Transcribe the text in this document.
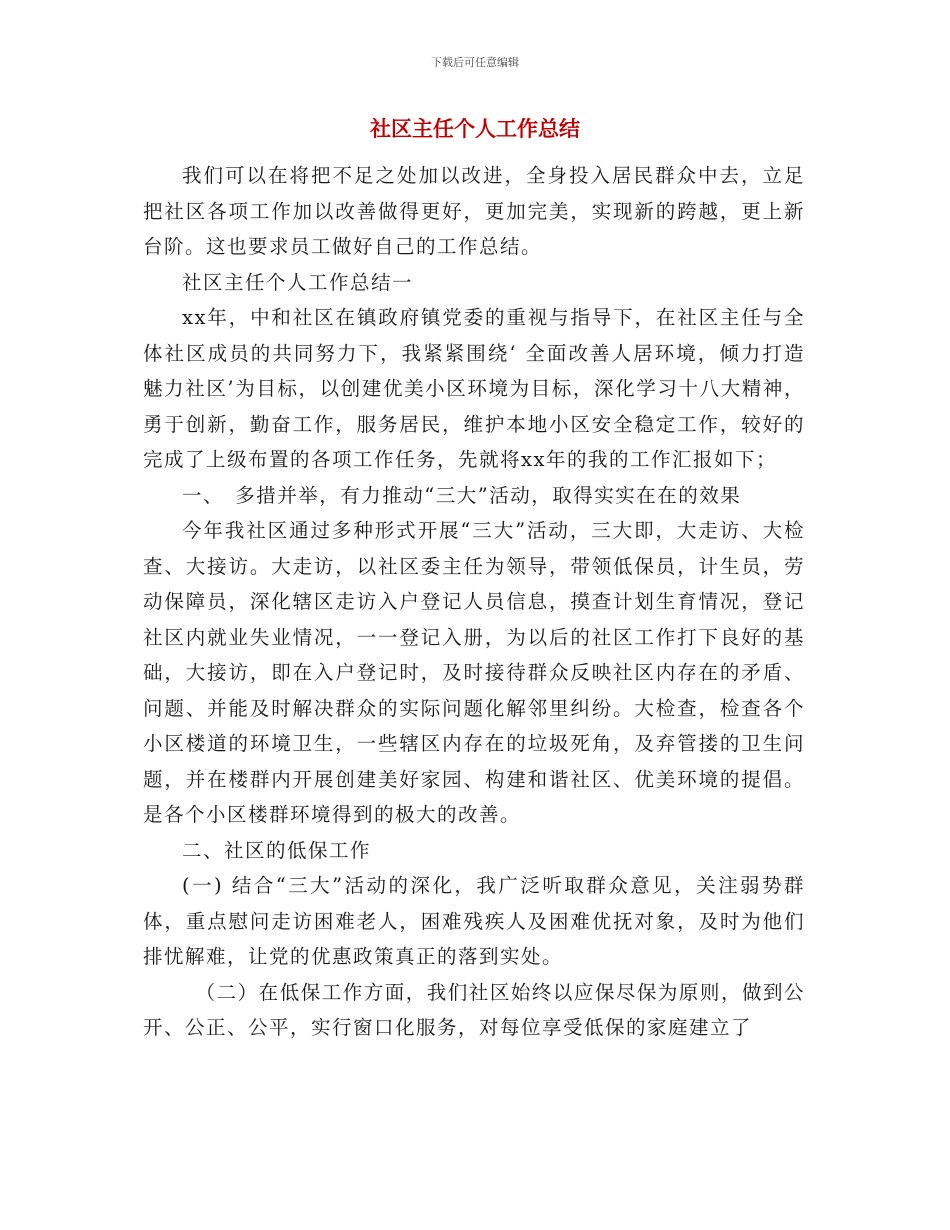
下载后可任意编辑
社区主任个人工作总结

我们可以在将把不足之处加以改进，全身投入居民群众中去，立足把社区各项工作加以改善做得更好，更加完美，实现新的跨越，更上新台阶。这也要求员工做好自己的工作总结。

社区主任个人工作总结一

xx年，中和社区在镇政府镇党委的重视与指导下，在社区主任与全体社区成员的共同努力下，我紧紧围绕‘ 全面改善人居环境，倾力打造魅力社区’为目标，以创建优美小区环境为目标，深化学习十八大精神，勇于创新，勤奋工作，服务居民，维护本地小区安全稳定工作，较好的完成了上级布置的各项工作任务，先就将xx年的我的工作汇报如下；

一、　多措并举，有力推动“三大”活动，取得实实在在的效果

今年我社区通过多种形式开展“三大”活动，三大即，大走访、大检查、大接访。大走访，以社区委主任为领导，带领低保员，计生员，劳动保障员，深化辖区走访入户登记人员信息，摸查计划生育情况，登记社区内就业失业情况，一一登记入册，为以后的社区工作打下良好的基础，大接访，即在入户登记时，及时接待群众反映社区内存在的矛盾、问题、并能及时解决群众的实际问题化解邻里纠纷。大检查，检查各个小区楼道的环境卫生，一些辖区内存在的垃圾死角，及弃管搂的卫生问题，并在楼群内开展创建美好家园、构建和谐社区、优美环境的提倡。是各个小区楼群环境得到的极大的改善。

二、社区的低保工作

(一) 结合“三大”活动的深化，我广泛听取群众意见，关注弱势群体，重点慰问走访困难老人，困难残疾人及困难优抚对象，及时为他们排忧解难，让党的优惠政策真正的落到实处。

（二）在低保工作方面，我们社区始终以应保尽保为原则，做到公开、公正、公平，实行窗口化服务，对每位享受低保的家庭建立了
